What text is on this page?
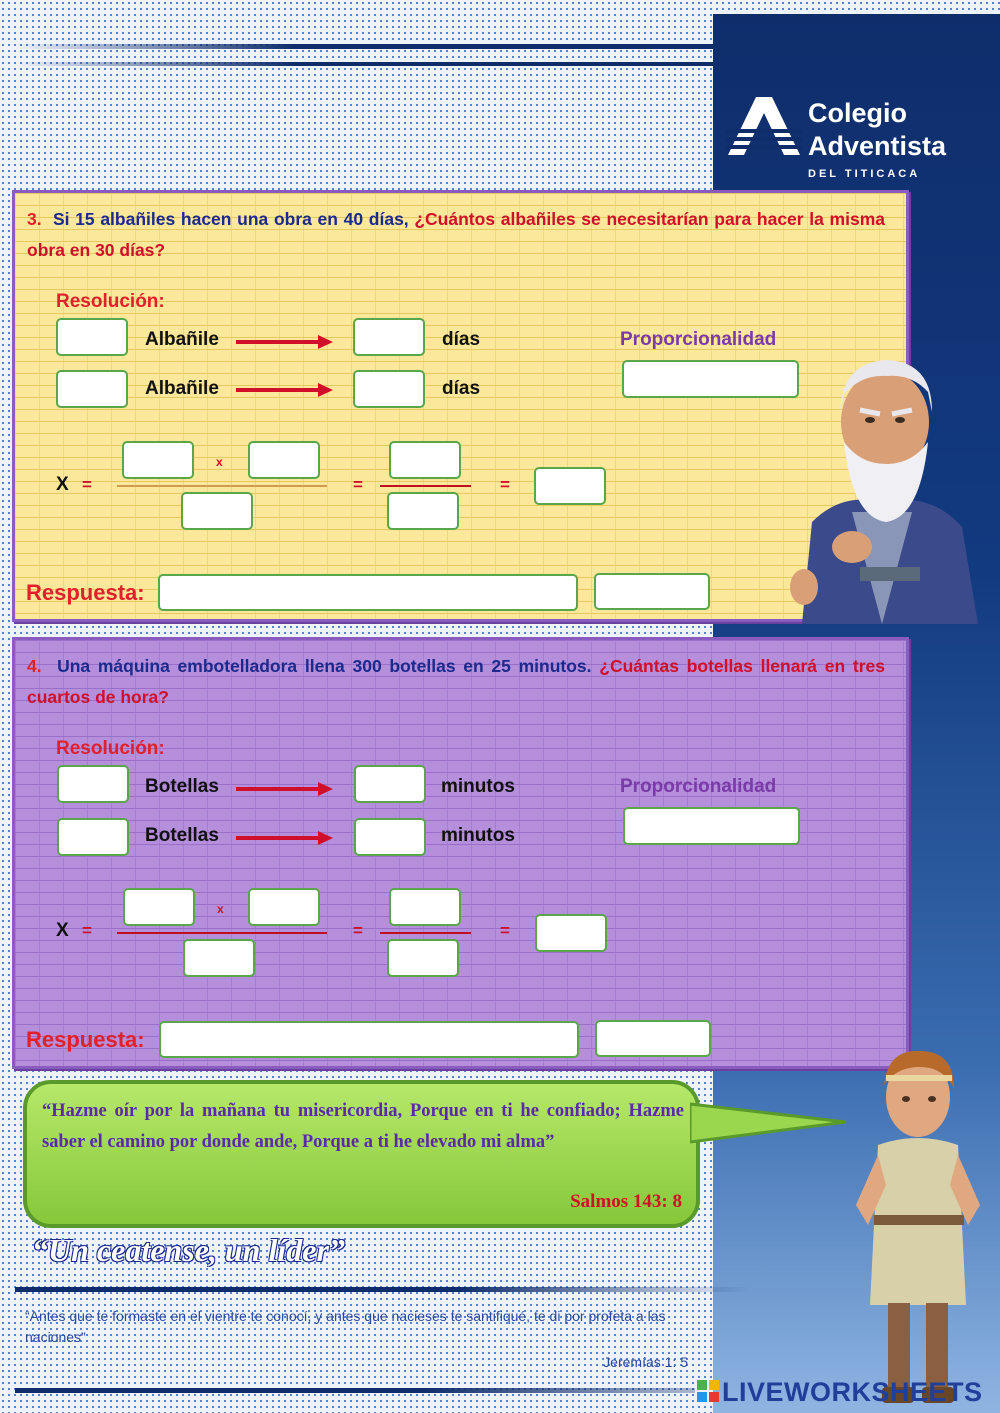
Colegio
Adventista
DEL TITICACA
3. Si 15 albañiles hacen una obra en 40 días, ¿Cuántos albañiles se necesitarían para hacer la misma obra en 30 días?
Resolución:
Albañile	días	Proporcionalidad
Albañile	días
X =
x
=	=
Respuesta:
4. Una máquina embotelladora llena 300 botellas en 25 minutos. ¿Cuántas botellas llenará en tres cuartos de hora?
Resolución:
Botellas	minutos	Proporcionalidad
Botellas	minutos
X =
x
=	=
Respuesta:
“Hazme oír por la mañana tu misericordia, Porque en ti he confiado; Hazme saber el camino por donde ande, Porque a ti he elevado mi alma”
Salmos 143: 8
“Un ceatense, un líder”
“Antes que te formaste en el vientre te conocí, y antes que nacieses te santifiqué, te di por profeta a las naciones”
Jeremías 1: 5
LIVEWORKSHEETS
